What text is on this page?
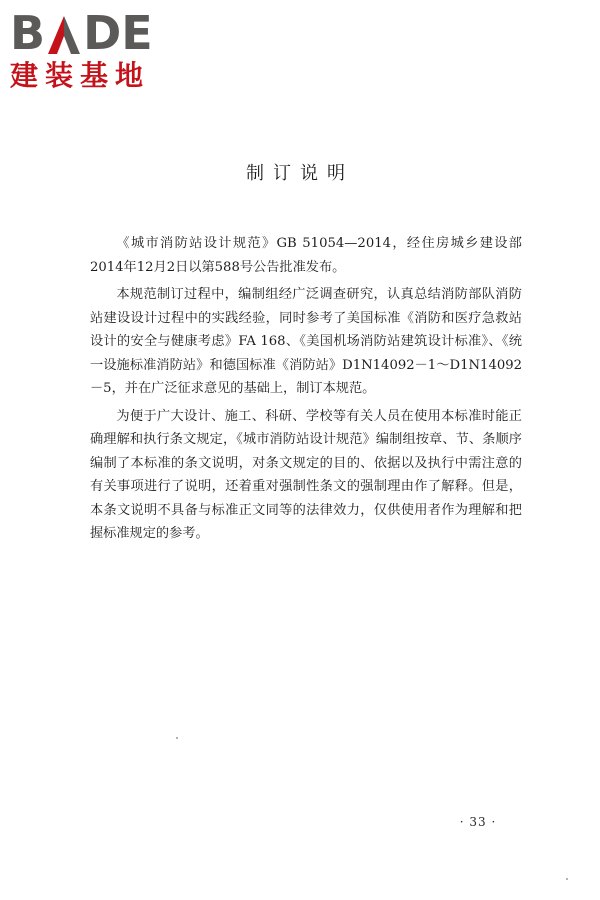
B DE
建装基地
制订说明

《城市消防站设计规范》GB 51054—2014，经住房城乡建设部2014年12月2日以第588号公告批准发布。

本规范制订过程中，编制组经广泛调查研究，认真总结消防部队消防站建设设计过程中的实践经验，同时参考了美国标准《消防和医疗急救站设计的安全与健康考虑》FA 168、《美国机场消防站建筑设计标准》、《统一设施标准消防站》和德国标准《消防站》D1N14092－1～D1N14092－5，并在广泛征求意见的基础上，制订本规范。

为便于广大设计、施工、科研、学校等有关人员在使用本标准时能正确理解和执行条文规定，《城市消防站设计规范》编制组按章、节、条顺序编制了本标准的条文说明，对条文规定的目的、依据以及执行中需注意的有关事项进行了说明，还着重对强制性条文的强制理由作了解释。但是，本条文说明不具备与标准正文同等的法律效力，仅供使用者作为理解和把握标准规定的参考。

· 33 ·
